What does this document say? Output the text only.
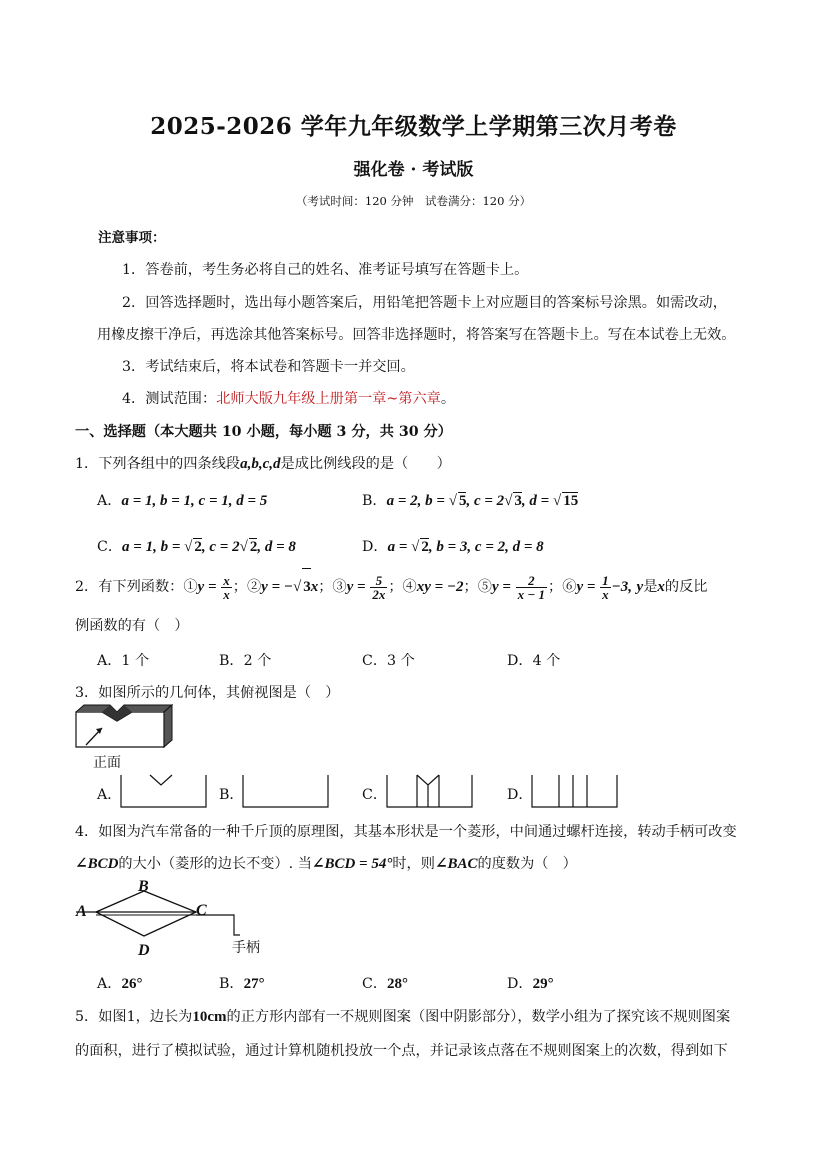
2025-2026 学年九年级数学上学期第三次月考卷
强化卷 · 考试版
（考试时间：120 分钟　试卷满分：120 分）
注意事项：
1．答卷前，考生务必将自己的姓名、准考证号填写在答题卡上。
2．回答选择题时，选出每小题答案后，用铅笔把答题卡上对应题目的答案标号涂黑。如需改动，
用橡皮擦干净后，再选涂其他答案标号。回答非选择题时，将答案写在答题卡上。写在本试卷上无效。
3．考试结束后，将本试卷和答题卡一并交回。
4．测试范围：北师大版九年级上册第一章~第六章。
一、选择题（本大题共 10 小题，每小题 3 分，共 30 分）
1．下列各组中的四条线段a,b,c,d是成比例线段的是（　　）
A．a = 1, b = 1, c = 1, d = 5	B．a = 2, b = √ 5, c = 2√ 3, d = √ 15
C．a = 1, b = √ 2, c = 2√ 2, d = 8	D．a = √ 2, b = 3, c = 2, d = 8
2．有下列函数：①y = $\frac{x}{x}$ ；②y = −√ 3x；③y = $\frac{5}{2x}$ ；④xy = −2；⑤y = $\frac{2}{x - 1}$ ；⑥y = $\frac{1}{x} -3$, y是x的反比
例函数的有（　）
A．1 个	B．2 个	C．3 个	D．4 个
3．如图所示的几何体，其俯视图是（　）
正面
A．	B．	C．	D．
4．如图为汽车常备的一种千斤顶的原理图，其基本形状是一个菱形，中间通过螺杆连接，转动手柄可改变
∠BCD的大小（菱形的边长不变）. 当∠BCD = 54°时，则∠BAC的度数为（　）
A
B
C
D	手柄
A．26°	B．27°	C．28°	D．29°
5．如图1，边长为10cm的正方形内部有一不规则图案（图中阴影部分），数学小组为了探究该不规则图案
的面积，进行了模拟试验，通过计算机随机投放一个点，并记录该点落在不规则图案上的次数，得到如下
